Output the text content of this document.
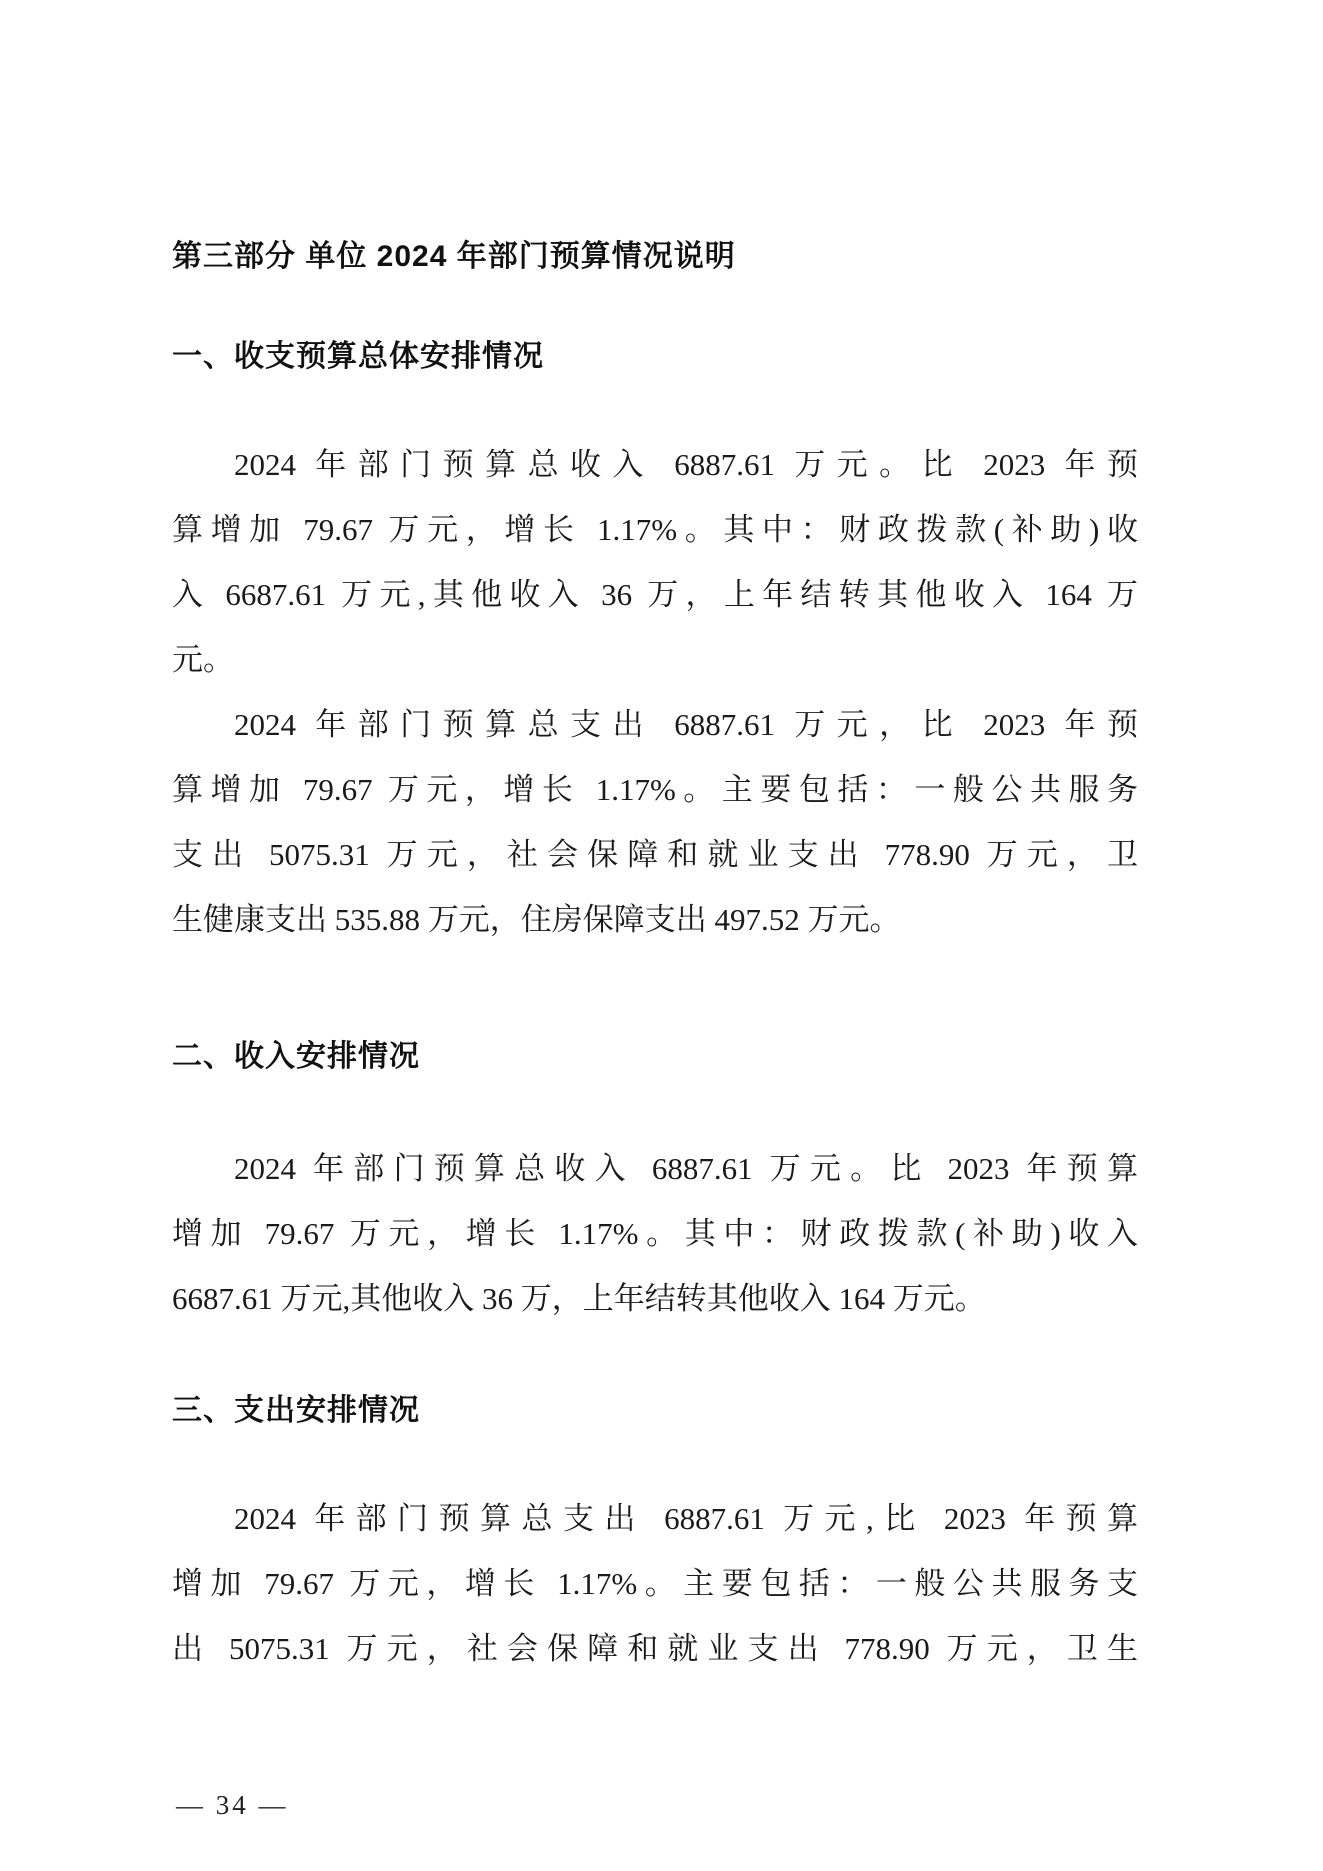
第三部分 单位 2024 年部门预算情况说明
一、收支预算总体安排情况
2024 年部门预算总收入 6887.61 万元。比 2023 年预
算增加 79.67 万元，增长 1.17%。其中：财政拨款(补助)收
入 6687.61 万元,其他收入 36 万，上年结转其他收入 164 万
元。
2024 年部门预算总支出 6887.61 万元，比 2023 年预
算增加 79.67 万元，增长 1.17%。主要包括：一般公共服务
支出 5075.31 万元，社会保障和就业支出 778.90 万元，卫
生健康支出 535.88 万元，住房保障支出 497.52 万元。
二、收入安排情况
2024 年部门预算总收入 6887.61 万元。比 2023 年预算
增加 79.67 万元，增长 1.17%。其中：财政拨款(补助)收入
6687.61 万元,其他收入 36 万，上年结转其他收入 164 万元。
三、支出安排情况
2024 年部门预算总支出 6887.61 万元,比 2023 年预算
增加 79.67 万元，增长 1.17%。主要包括：一般公共服务支
出 5075.31 万元，社会保障和就业支出 778.90 万元，卫生
— 34 —
